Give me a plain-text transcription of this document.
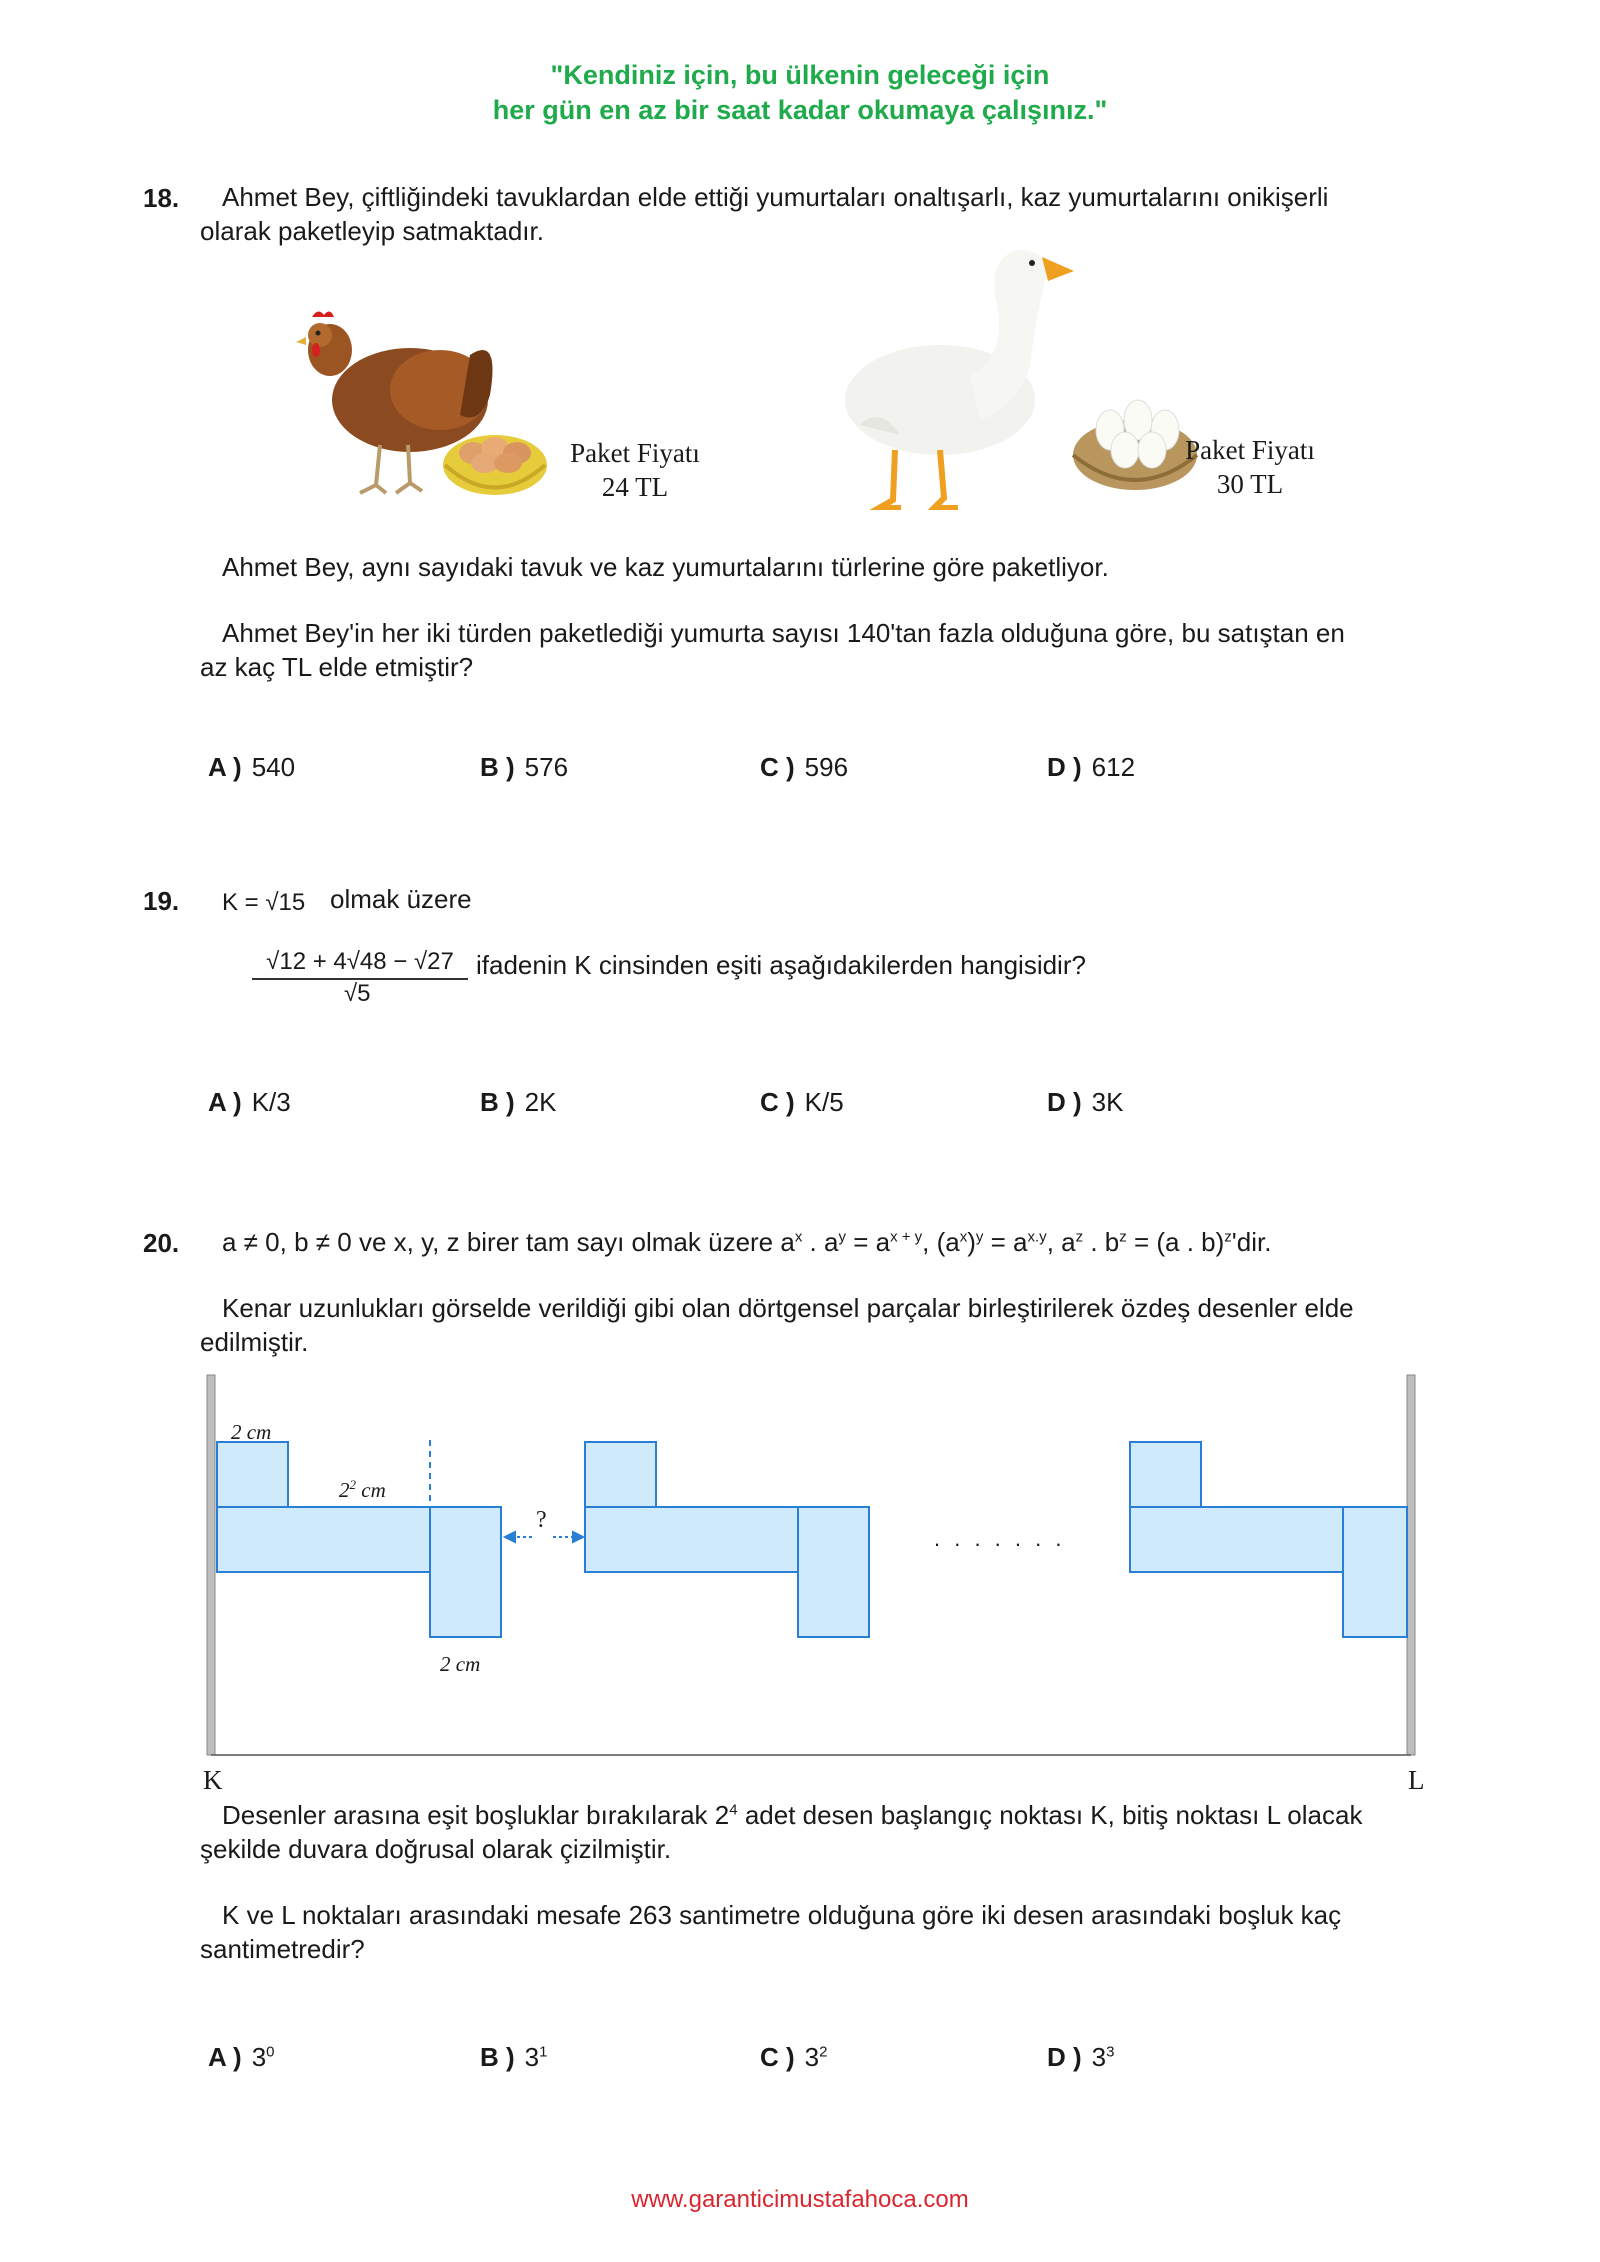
"Kendiniz için, bu ülkenin geleceği için
her gün en az bir saat kadar okumaya çalışınız."
18. Ahmet Bey, çiftliğindeki tavuklardan elde ettiği yumurtaları onaltışarlı, kaz yumurtalarını onikişerli
olarak paketleyip satmaktadır.
Paket Fiyatı
24 TL
Paket Fiyatı
30 TL
Ahmet Bey, aynı sayıdaki tavuk ve kaz yumurtalarını türlerine göre paketliyor.
Ahmet Bey'in her iki türden paketlediği yumurta sayısı 140'tan fazla olduğuna göre, bu satıştan en
az kaç TL elde etmiştir?
A ) 540	B ) 576	C ) 596	D ) 612
19. K = √15 olmak üzere
$\frac{√12 + 4√48 - √27}{√5}$ ifadenin K cinsinden eşiti aşağıdakilerden hangisidir?
A ) K/3	B ) 2K	C ) K/5	D ) 3K
20. a ≠ 0, b ≠ 0 ve x, y, z birer tam sayı olmak üzere $a^x$ . $a^y = a^{x + y}$, $(a^x)^y = a^{x.y}$, $a^z$ . $b^z = (a$ . b)$^z$'dir.
Kenar uzunlukları görselde verildiği gibi olan dörtgensel parçalar birleştirilerek özdeş desenler elde
edilmiştir.
2 cm
$2^2$ cm
2 cm
?
. . . . . . .
K	L
Desenler arasına eşit boşluklar bırakılarak $2^4$ adet desen başlangıç noktası K, bitiş noktası L olacak
şekilde duvara doğrusal olarak çizilmiştir.
K ve L noktaları arasındaki mesafe 263 santimetre olduğuna göre iki desen arasındaki boşluk kaç
santimetredir?
A ) $3^0$	B ) $3^1$	C ) $3^2$	D ) $3^3$
www.garanticimustafahoca.com
